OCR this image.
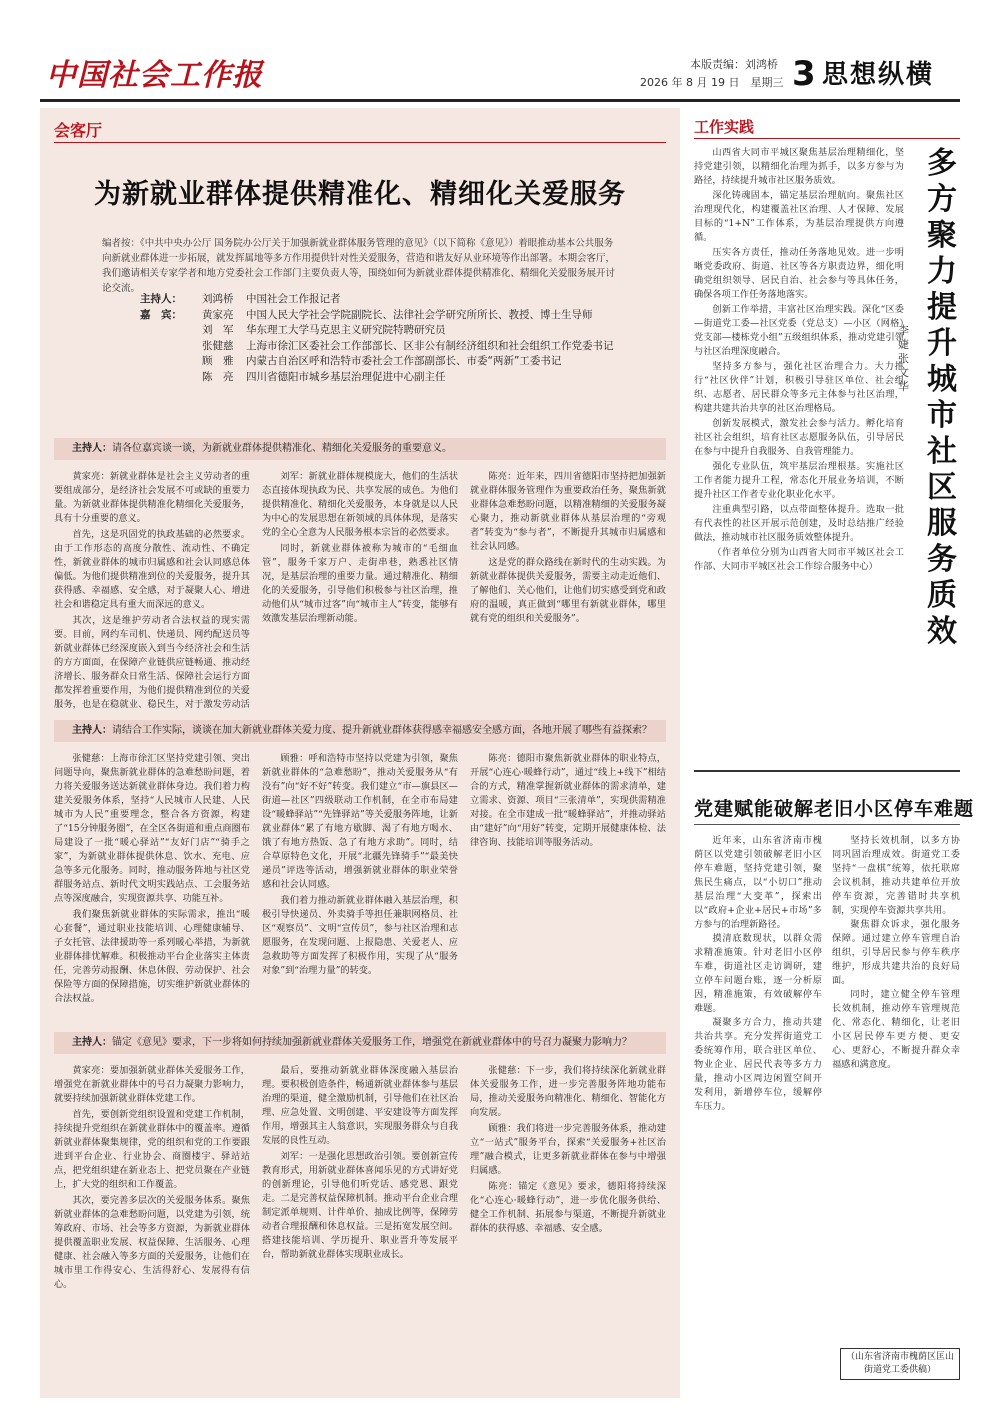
中国社会工作报	本版责编：刘鸿桥
2026 年 8 月 19 日　星期三 3 思想纵横
会客厅
为新就业群体提供精准化、精细化关爱服务
编者按：《中共中央办公厅 国务院办公厅关于加强新就业群体服务管理的意见》（以下简称《意见》）着眼推动基本公共服务向新就业群体进一步拓展，就发挥属地等多方作用提供针对性关爱服务，营造和谐友好从业环境等作出部署。本期会客厅，我们邀请相关专家学者和地方党委社会工作部门主要负责人等，围绕如何为新就业群体提供精准化、精细化关爱服务展开讨论交流。
主持人：	刘鸿桥	中国社会工作报记者
嘉　宾：	黄家亮	中国人民大学社会学院副院长、法律社会学研究所所长、教授、博士生导师
刘　军	华东理工大学马克思主义研究院特聘研究员
张健慈	上海市徐汇区委社会工作部部长、区非公有制经济组织和社会组织工作党委书记
顾　雅	内蒙古自治区呼和浩特市委社会工作部副部长、市委“两新”工委书记
陈　亮	四川省德阳市城乡基层治理促进中心副主任
主持人：请各位嘉宾谈一谈，为新就业群体提供精准化、精细化关爱服务的重要意义。

黄家亮：新就业群体是社会主义劳动者的重要组成部分，是经济社会发展不可或缺的重要力量。为新就业群体提供精准化精细化关爱服务，具有十分重要的意义。

首先，这是巩固党的执政基础的必然要求。由于工作形态的高度分散性、流动性、不确定性，新就业群体的城市归属感和社会认同感总体偏低。为他们提供精准到位的关爱服务，提升其获得感、幸福感、安全感，对于凝聚人心、增进社会和谐稳定具有重大而深远的意义。

其次，这是维护劳动者合法权益的现实需要。目前，网约车司机、快递员、网约配送员等新就业群体已经深度嵌入到当今经济社会和生活的方方面面，在保障产业链供应链畅通、推动经济增长、服务群众日常生活、保障社会运行方面都发挥着重要作用，为他们提供精准到位的关爱服务，也是在稳就业、稳民生，对于激发劳动活

刘军：新就业群体规模庞大，他们的生活状态直接体现执政为民、共享发展的成色。为他们提供精准化、精细化关爱服务，本身就是以人民为中心的发展思想在新领域的具体体现，是落实党的全心全意为人民服务根本宗旨的必然要求。

同时，新就业群体被称为城市的“毛细血管”，服务千家万户、走街串巷，熟悉社区情况，是基层治理的重要力量。通过精准化、精细化的关爱服务，引导他们积极参与社区治理，推动他们从“城市过客”向“城市主人”转变，能够有效激发基层治理新动能。

陈亮：近年来，四川省德阳市坚持把加强新就业群体服务管理作为重要政治任务，聚焦新就业群体急难愁盼问题，以精准精细的关爱服务凝心聚力，推动新就业群体从基层治理的“旁观者”转变为“参与者”，不断提升其城市归属感和社会认同感。

这是党的群众路线在新时代的生动实践。为新就业群体提供关爱服务，需要主动走近他们、了解他们、关心他们，让他们切实感受到党和政府的温暖，真正做到“哪里有新就业群体，哪里就有党的组织和关爱服务”。

主持人：请结合工作实际，谈谈在加大新就业群体关爱力度、提升新就业群体获得感幸福感安全感方面，各地开展了哪些有益探索？

张健慈：上海市徐汇区坚持党建引领、突出问题导向，聚焦新就业群体的急难愁盼问题，着力将关爱服务送达新就业群体身边。我们着力构建关爱服务体系，坚持“人民城市人民建、人民城市为人民”重要理念，整合各方资源，构建了“15分钟服务圈”，在全区各街道和重点商圈布局建设了一批“暖心驿站”“友好门店”“骑手之家”，为新就业群体提供休息、饮水、充电、应急等多元化服务。同时，推动服务阵地与社区党群服务站点、新时代文明实践站点、工会服务站点等深度融合，实现资源共享、功能互补。

我们聚焦新就业群体的实际需求，推出“暖心套餐”，通过职业技能培训、心理健康辅导、子女托管、法律援助等一系列暖心举措，为新就业群体排忧解难。积极推动平台企业落实主体责任，完善劳动报酬、休息休假、劳动保护、社会保险等方面的保障措施，切实维护新就业群体的合法权益。

顾雅：呼和浩特市坚持以党建为引领，聚焦新就业群体的“急难愁盼”，推动关爱服务从“有没有”向“好不好”转变。我们建立“市—旗县区—街道—社区”四级联动工作机制，在全市布局建设“暖蜂驿站”“先锋驿站”等关爱服务阵地，让新就业群体“累了有地方歇脚、渴了有地方喝水、饿了有地方热饭、急了有地方求助”。同时，结合草原特色文化，开展“北疆先锋骑手”“最美快递员”评选等活动，增强新就业群体的职业荣誉感和社会认同感。

我们着力推动新就业群体融入基层治理，积极引导快递员、外卖骑手等担任兼职网格员、社区“观察员”、文明“宣传员”，参与社区治理和志愿服务，在发现问题、上报隐患、关爱老人、应急救助等方面发挥了积极作用，实现了从“服务对象”到“治理力量”的转变。

陈亮：德阳市聚焦新就业群体的职业特点，开展“心连心·暖蜂行动”，通过“线上+线下”相结合的方式，精准掌握新就业群体的需求清单，建立需求、资源、项目“三张清单”，实现供需精准对接。在全市建成一批“暖蜂驿站”，并推动驿站由“建好”向“用好”转变，定期开展健康体检、法律咨询、技能培训等服务活动。

主持人：锚定《意见》要求，下一步将如何持续加强新就业群体关爱服务工作，增强党在新就业群体中的号召力凝聚力影响力？

黄家亮：要加强新就业群体关爱服务工作，增强党在新就业群体中的号召力凝聚力影响力，就要持续加强新就业群体党建工作。

首先，要创新党组织设置和党建工作机制，持续提升党组织在新就业群体中的覆盖率。遵循新就业群体聚集规律，党的组织和党的工作要跟进到平台企业、行业协会、商圈楼宇、驿站站点，把党组织建在新业态上、把党员聚在产业链上，扩大党的组织和工作覆盖。

其次，要完善多层次的关爱服务体系。聚焦新就业群体的急难愁盼问题，以党建为引领，统筹政府、市场、社会等多方资源，为新就业群体提供覆盖职业发展、权益保障、生活服务、心理健康、社会融入等多方面的关爱服务，让他们在城市里工作得安心、生活得舒心、发展得有信心。

最后，要推动新就业群体深度融入基层治理。要积极创造条件，畅通新就业群体参与基层治理的渠道，健全激励机制，引导他们在社区治理、应急处置、文明创建、平安建设等方面发挥作用，增强其主人翁意识，实现服务群众与自我发展的良性互动。

刘军：一是强化思想政治引领。要创新宣传教育形式，用新就业群体喜闻乐见的方式讲好党的创新理论，引导他们听党话、感党恩、跟党走。二是完善权益保障机制。推动平台企业合理制定派单规则、计件单价、抽成比例等，保障劳动者合理报酬和休息权益。三是拓宽发展空间。搭建技能培训、学历提升、职业晋升等发展平台，帮助新就业群体实现职业成长。

张健慈：下一步，我们将持续深化新就业群体关爱服务工作，进一步完善服务阵地功能布局，推动关爱服务向精准化、精细化、智能化方向发展。

顾雅：我们将进一步完善服务体系，推动建立“一站式”服务平台，探索“关爱服务+社区治理”融合模式，让更多新就业群体在参与中增强归属感。

陈亮：锚定《意见》要求，德阳将持续深化“心连心·暖蜂行动”，进一步优化服务供给、健全工作机制、拓展参与渠道，不断提升新就业群体的获得感、幸福感、安全感。

工作实践

山西省大同市平城区聚焦基层治理精细化，坚持党建引领，以精细化治理为抓手，以多方参与为路径，持续提升城市社区服务质效。

深化铸魂固本，锚定基层治理航向。聚焦社区治理现代化，构建覆盖社区治理、人才保障、发展目标的“1+N”工作体系，为基层治理提供方向遵循。

压实各方责任，推动任务落地见效。进一步明晰党委政府、街道、社区等各方职责边界，细化明确党组织领导、居民自治、社会参与等具体任务，确保各项工作任务落地落实。

创新工作举措，丰富社区治理实践。深化“区委—街道党工委—社区党委（党总支）—小区（网格）党支部—楼栋党小组”五级组织体系，推动党建引领与社区治理深度融合。

坚持多方参与，强化社区治理合力。大力推行“社区伙伴”计划，积极引导驻区单位、社会组织、志愿者、居民群众等多元主体参与社区治理，构建共建共治共享的社区治理格局。

创新发展模式，激发社会参与活力。孵化培育社区社会组织，培育社区志愿服务队伍，引导居民在参与中提升自我服务、自我管理能力。

强化专业队伍，筑牢基层治理根基。实施社区工作者能力提升工程，常态化开展业务培训，不断提升社区工作者专业化职业化水平。

注重典型引路，以点带面整体提升。选取一批有代表性的社区开展示范创建，及时总结推广经验做法，推动城市社区服务质效整体提升。

（作者单位分别为山西省大同市平城区社会工作部、大同市平城区社会工作综合服务中心）

多方聚力提升城市社区服务质效
李　婕　张文华
党建赋能破解老旧小区停车难题

近年来，山东省济南市槐荫区以党建引领破解老旧小区停车难题，坚持党建引领，聚焦民生痛点，以“小切口”推动基层治理“大变革”，探索出以“政府+企业+居民+市场”多方参与的治理新路径。

摸清底数现状，以群众需求精准施策。针对老旧小区停车难，街道社区走访调研，建立停车问题台账，逐一分析原因，精准施策，有效破解停车难题。

凝聚多方合力，推动共建共治共享。充分发挥街道党工委统筹作用，联合驻区单位、物业企业、居民代表等多方力量，推动小区周边闲置空间开发利用，新增停车位，缓解停车压力。

坚持长效机制，以多方协同巩固治理成效。街道党工委坚持“一盘棋”统筹，依托联席会议机制，推动共建单位开放停车资源，完善错时共享机制，实现停车资源共享共用。

聚焦群众诉求，强化服务保障。通过建立停车管理自治组织，引导居民参与停车秩序维护，形成共建共治的良好局面。

同时，建立健全停车管理长效机制，推动停车管理规范化、常态化、精细化，让老旧小区居民停车更方便、更安心、更舒心，不断提升群众幸福感和满意度。

（山东省济南市槐荫区匡山街道党工委供稿）
